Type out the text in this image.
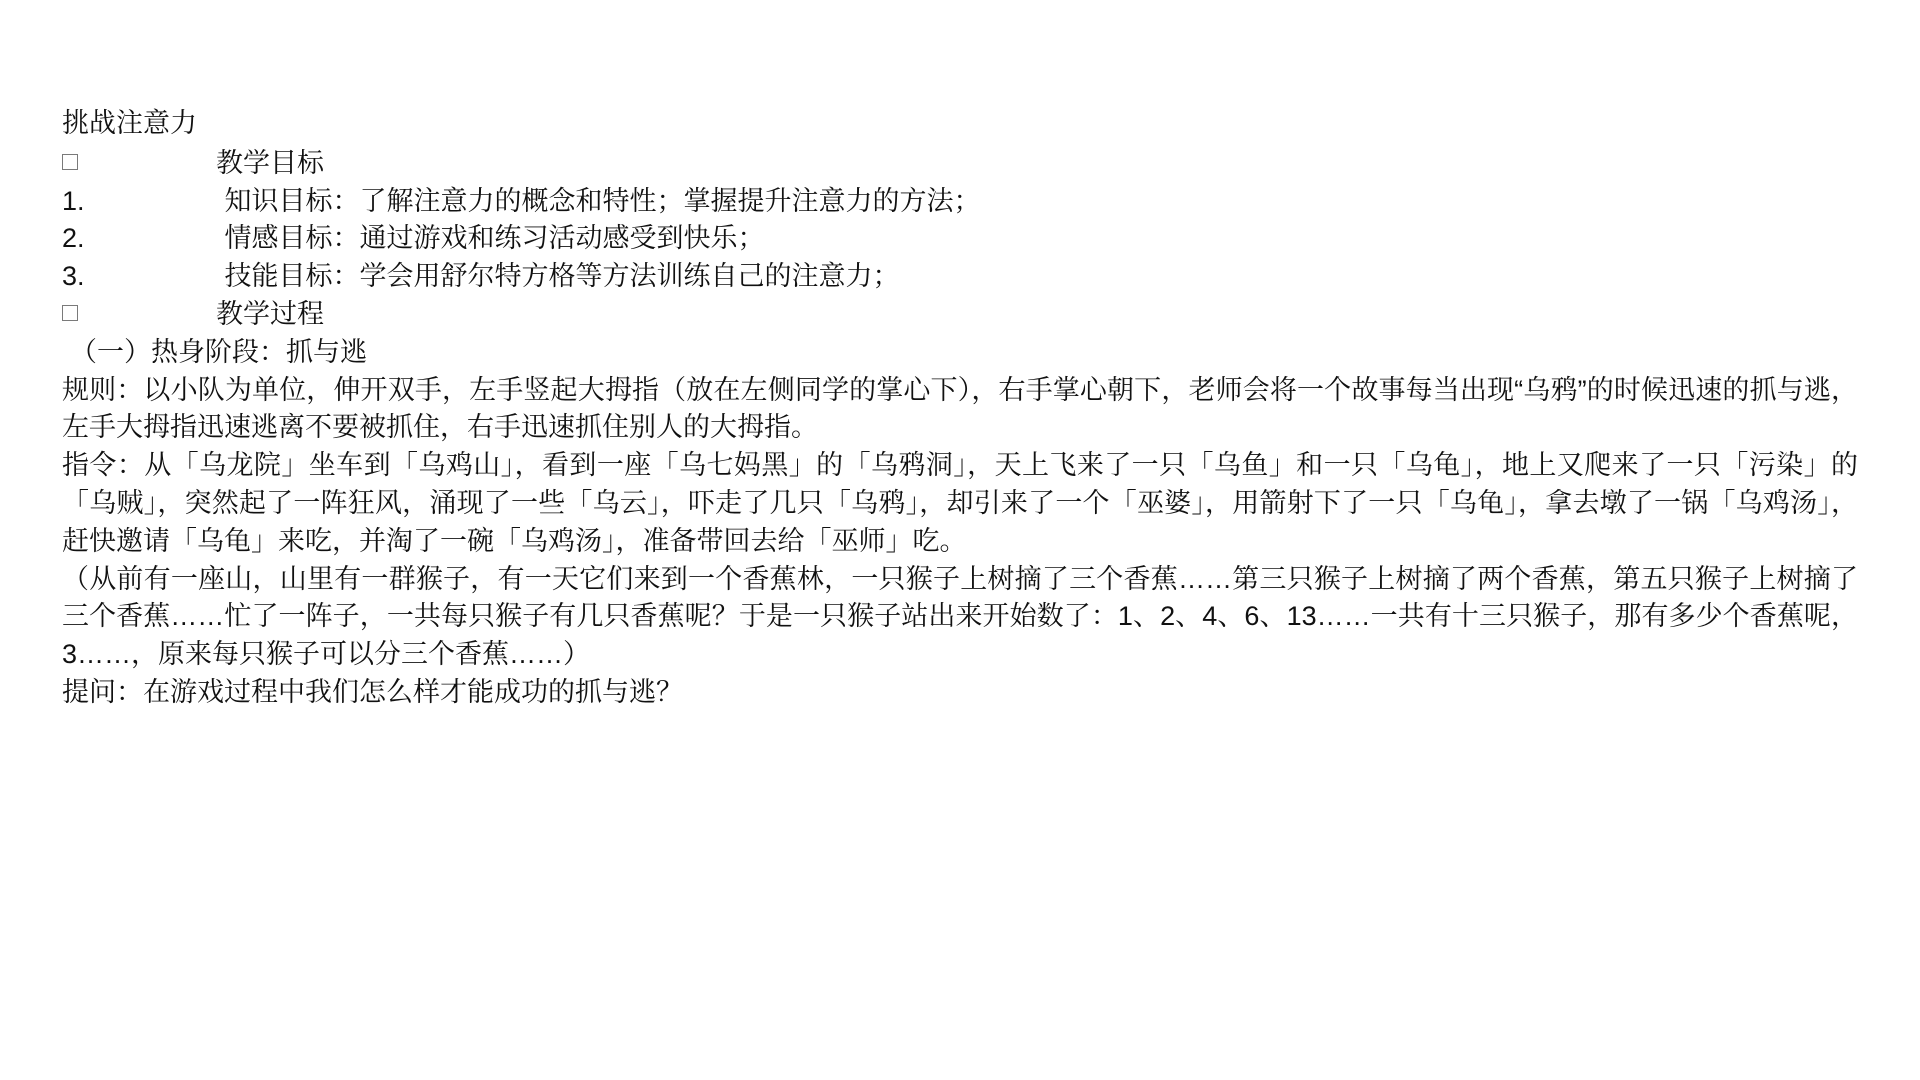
挑战注意力
教学目标
1.	知识目标：了解注意力的概念和特性；掌握提升注意力的方法；
2.	情感目标：通过游戏和练习活动感受到快乐；
3.	技能目标：学会用舒尔特方格等方法训练自己的注意力；
教学过程
（一）热身阶段：抓与逃
规则：以小队为单位，伸开双手，左手竖起大拇指（放在左侧同学的掌心下），右手掌心朝下，老师会将一个故事每当出现“乌鸦”的时候迅速的抓与逃，左手大拇指迅速逃离不要被抓住，右手迅速抓住别人的大拇指。
指令：从「乌龙院」坐车到「乌鸡山」，看到一座「乌七妈黑」的「乌鸦洞」，天上飞来了一只「乌鱼」和一只「乌龟」，地上又爬来了一只「污染」的「乌贼」，突然起了一阵狂风，涌现了一些「乌云」，吓走了几只「乌鸦」，却引来了一个「巫婆」，用箭射下了一只「乌龟」，拿去墩了一锅「乌鸡汤」，赶快邀请「乌龟」来吃，并淘了一碗「乌鸡汤」，准备带回去给「巫师」吃。
（从前有一座山，山里有一群猴子，有一天它们来到一个香蕉林，一只猴子上树摘了三个香蕉……第三只猴子上树摘了两个香蕉，第五只猴子上树摘了三个香蕉……忙了一阵子，一共每只猴子有几只香蕉呢？于是一只猴子站出来开始数了：1、2、4、6、13……一共有十三只猴子，那有多少个香蕉呢，3……，原来每只猴子可以分三个香蕉……）
提问：在游戏过程中我们怎么样才能成功的抓与逃？
